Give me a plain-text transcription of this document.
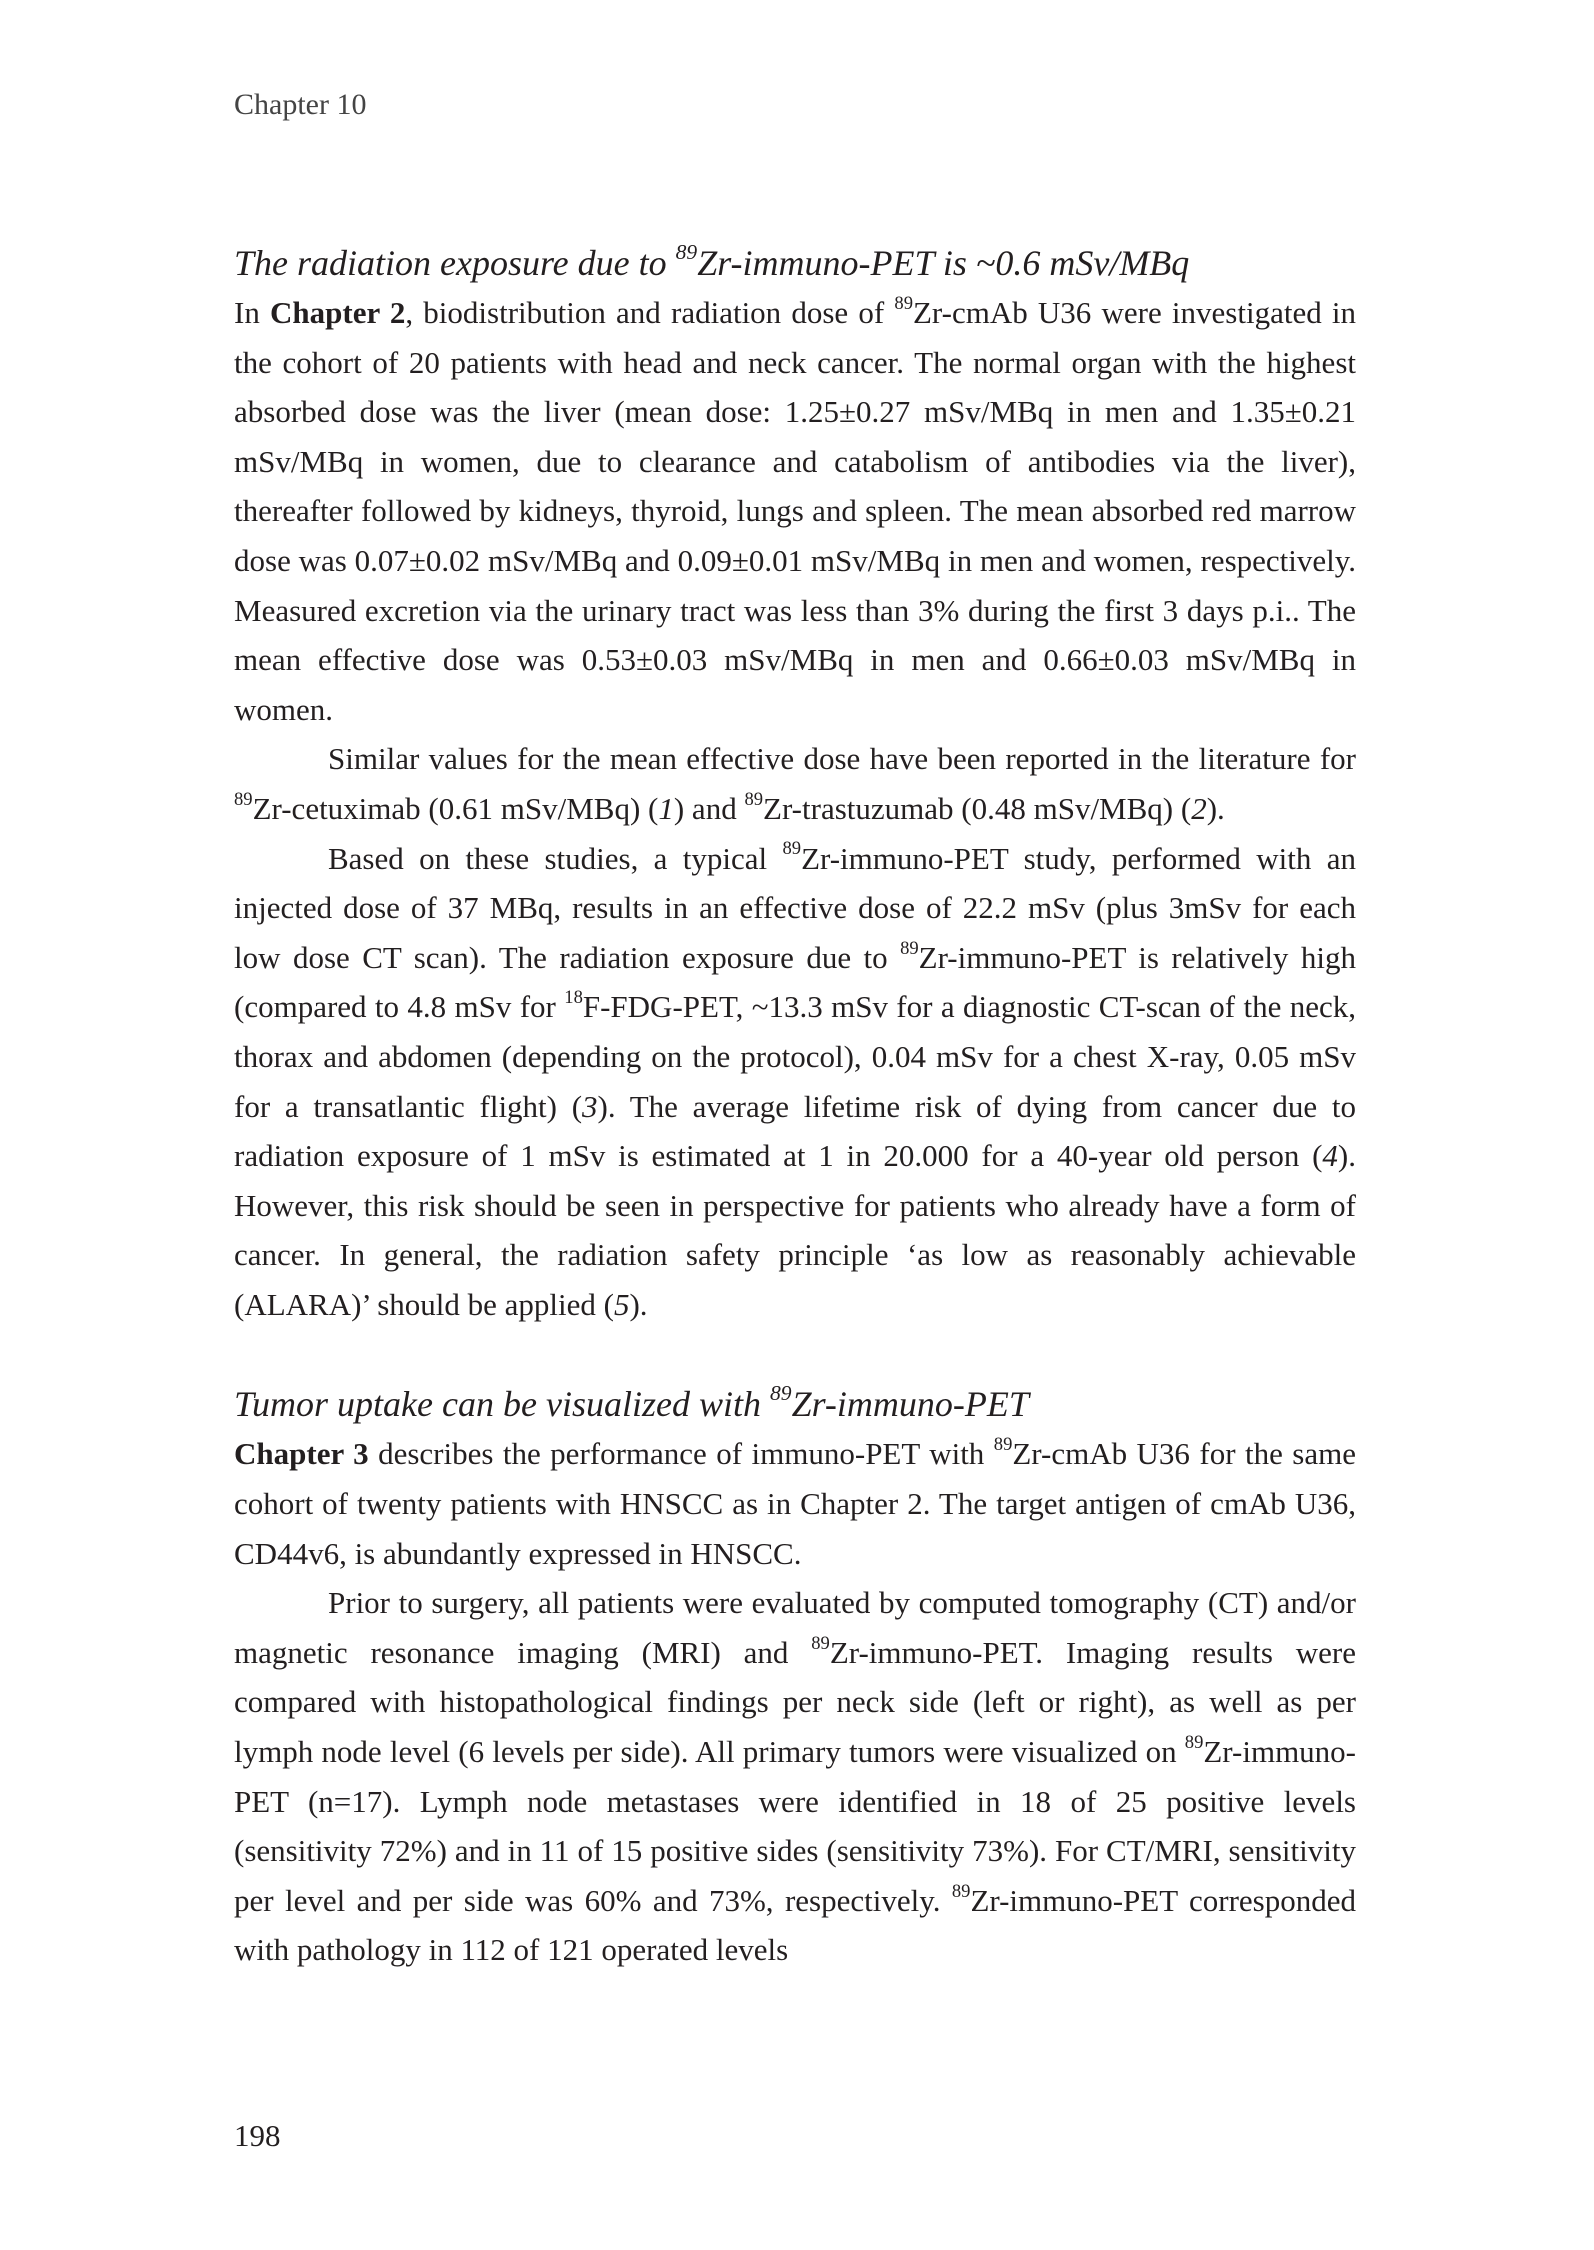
Chapter 10
The radiation exposure due to $^{89}$Zr-immuno-PET is ~0.6 mSv/MBq

In Chapter 2, biodistribution and radiation dose of $^{89}$Zr-cmAb U36 were investigated in the cohort of 20 patients with head and neck cancer. The normal organ with the highest absorbed dose was the liver (mean dose: 1.25±0.27 mSv/MBq in men and 1.35±0.21 mSv/MBq in women, due to clearance and catabolism of antibodies via the liver), thereafter followed by kidneys, thyroid, lungs and spleen. The mean absorbed red marrow dose was 0.07±0.02 mSv/MBq and 0.09±0.01 mSv/MBq in men and women, respectively. Measured excretion via the urinary tract was less than 3% during the first 3 days p.i.. The mean effective dose was 0.53±0.03 mSv/MBq in men and 0.66±0.03 mSv/MBq in women.

Similar values for the mean effective dose have been reported in the literature for $^{89}$Zr-cetuximab (0.61 mSv/MBq) (1) and $^{89}$Zr-trastuzumab (0.48 mSv/MBq) (2).

Based on these studies, a typical $^{89}$Zr-immuno-PET study, performed with an injected dose of 37 MBq, results in an effective dose of 22.2 mSv (plus 3mSv for each low dose CT scan). The radiation exposure due to $^{89}$Zr-immuno-PET is relatively high (compared to 4.8 mSv for $^{18}$F-FDG-PET, ~13.3 mSv for a diagnostic CT-scan of the neck, thorax and abdomen (depending on the protocol), 0.04 mSv for a chest X-ray, 0.05 mSv for a transatlantic flight) (3). The average lifetime risk of dying from cancer due to radiation exposure of 1 mSv is estimated at 1 in 20.000 for a 40-year old person (4). However, this risk should be seen in perspective for patients who already have a form of cancer. In general, the radiation safety principle ‘as low as reasonably achievable (ALARA)’ should be applied (5).

Tumor uptake can be visualized with $^{89}$Zr-immuno-PET

Chapter 3 describes the performance of immuno-PET with $^{89}$Zr-cmAb U36 for the same cohort of twenty patients with HNSCC as in Chapter 2. The target antigen of cmAb U36, CD44v6, is abundantly expressed in HNSCC.

Prior to surgery, all patients were evaluated by computed tomography (CT) and/or magnetic resonance imaging (MRI) and $^{89}$Zr-immuno-PET. Imaging results were compared with histopathological findings per neck side (left or right), as well as per lymph node level (6 levels per side). All primary tumors were visualized on $^{89}$Zr-immuno-PET (n=17). Lymph node metastases were identified in 18 of 25 positive levels (sensitivity 72%) and in 11 of 15 positive sides (sensitivity 73%). For CT/MRI, sensitivity per level and per side was 60% and 73%, respectively. $^{89}$Zr-immuno-PET corresponded with pathology in 112 of 121 operated levels

198
